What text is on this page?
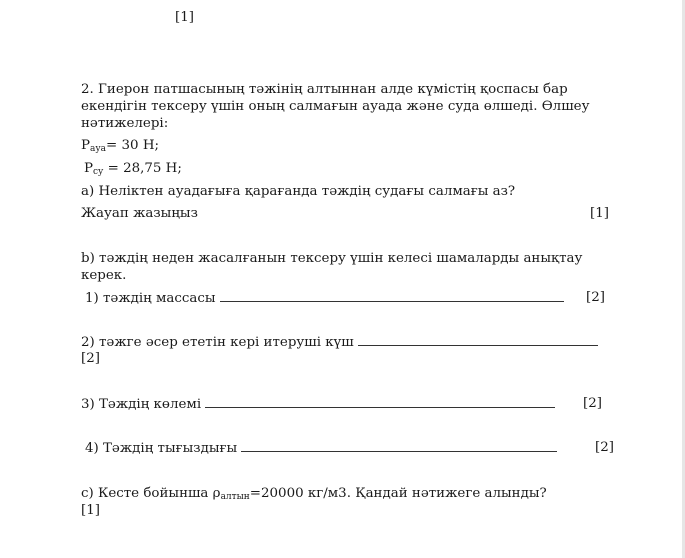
[1]
2. Гиерон патшасының тәжінің алтыннан алде күмістің қоспасы бар екендігін тексеру үшін оның салмағын ауада және суда өлшеді. Өлшеу нәтижелері:
$P_{ауа}= 30$ Н;
$P_{су} = 28,75$ Н;
а) Неліктен ауадағыға қарағанда тәждің судағы салмағы аз?
Жауап жазыңыз	[1]
b) тәждің неден жасалғанын тексеру үшін келесі шамаларды анықтау керек.
1) тәждің массасы	[2]
2) тәжге әсер ететін кері итеруші күш
[2]
3) Тәждің көлемі	[2]
4) Тәждің тығыздығы	[2]
с) Кесте бойынша $\rho_{алтын}=20000$ кг/м3. Қандай нәтижеге алынды?
[1]
